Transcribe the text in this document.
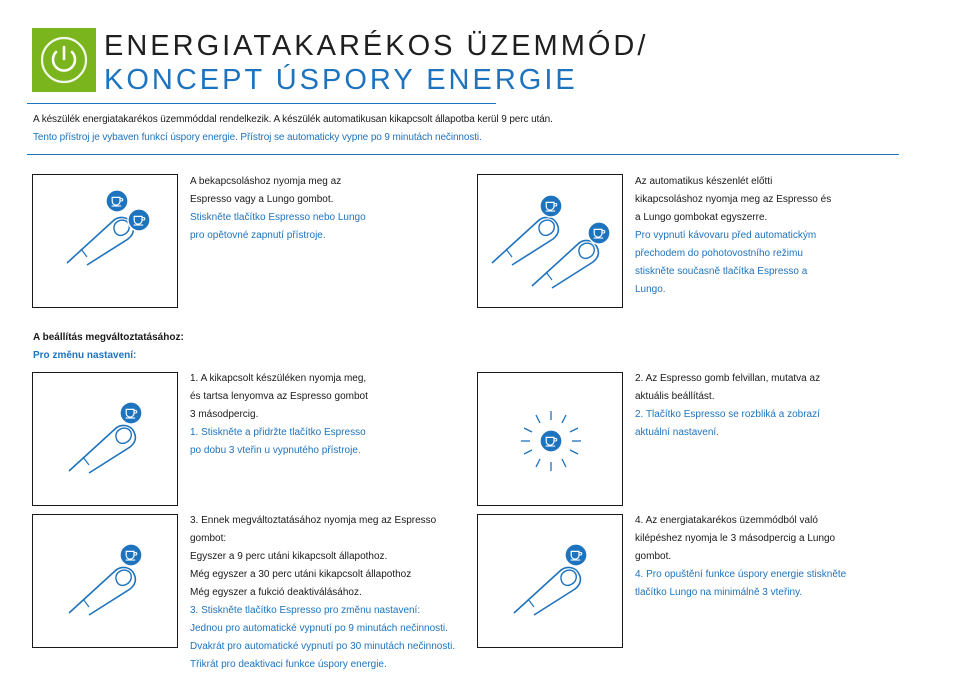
ENERGIATAKARÉKOS ÜZEMMÓD/
KONCEPT ÚSPORY ENERGIE
A készülék energiatakarékos üzemmóddal rendelkezik. A készülék automatikusan kikapcsolt állapotba kerül 9 perc után.
Tento přístroj je vybaven funkcí úspory energie. Přístroj se automaticky vypne po 9 minutách nečinnosti.

A bekapcsoláshoz nyomja meg az

Espresso vagy a Lungo gombot.

Stiskněte tlačítko Espresso nebo Lungo

pro opětovné zapnutí přístroje.

Az automatikus készenlét előtti

kikapcsoláshoz nyomja meg az Espresso és

a Lungo gombokat egyszerre.

Pro vypnutí kávovaru před automatickým

přechodem do pohotovostního režimu

stiskněte současně tlačítka Espresso a

Lungo.

A beállítás megváltoztatásához:
Pro změnu nastavení:

1. A kikapcsolt készüléken nyomja meg,

és tartsa lenyomva az Espresso gombot

3 másodpercig.

1. Stiskněte a přidržte tlačítko Espresso

po dobu 3 vteřin u vypnutého přístroje.

2. Az Espresso gomb felvillan, mutatva az

aktuális beállítást.

2. Tlačítko Espresso se rozbliká a zobrazí

aktuální nastavení.

3. Ennek megváltoztatásához nyomja meg az Espresso gombot:

Egyszer a 9 perc utáni kikapcsolt állapothoz.

Még egyszer a 30 perc utáni kikapcsolt állapothoz

Még egyszer a fukció deaktiválásához.

3. Stiskněte tlačítko Espresso pro změnu nastavení:

Jednou pro automatické vypnutí po 9 minutách nečinnosti.

Dvakrát pro automatické vypnutí po 30 minutách nečinnosti.

Třikrát pro deaktivaci funkce úspory energie.

4. Az energiatakarékos üzemmódból való

kilépéshez nyomja le 3 másodpercig a Lungo

gombot.

4. Pro opuštění funkce úspory energie stiskněte

tlačítko Lungo na minimálně 3 vteřiny.
